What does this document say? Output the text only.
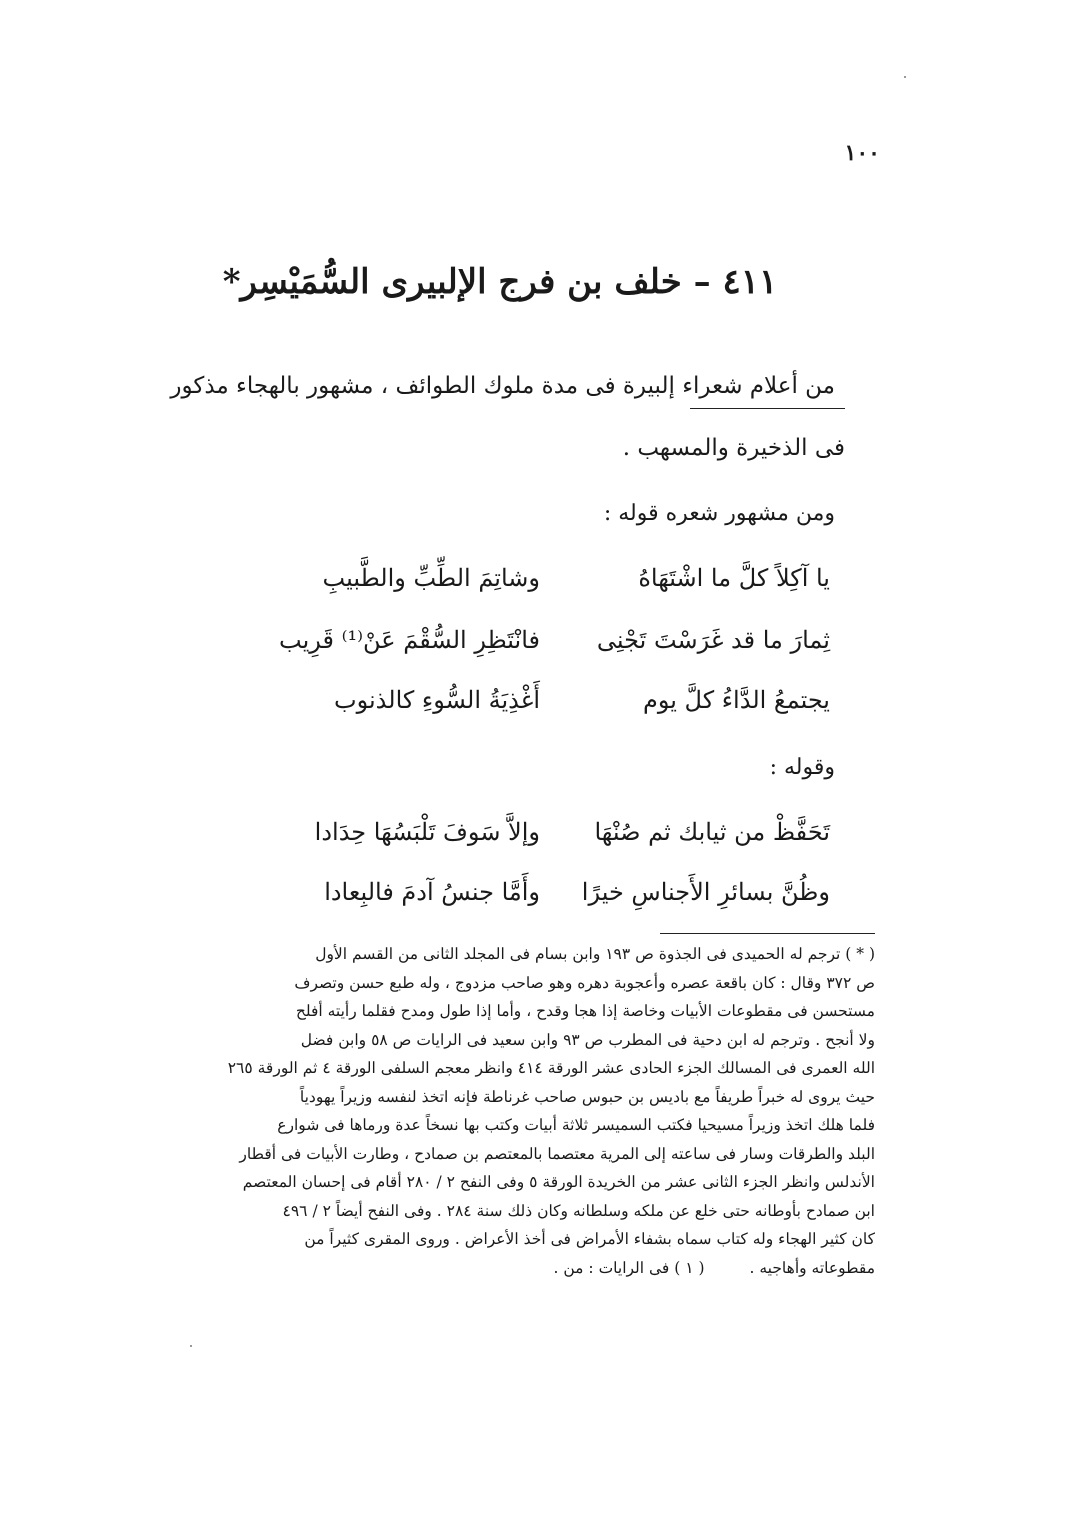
١٠٠
٤١١ – خلف بن فرج الإلبيرى السُّمَيْسِر*
من أعلام شعراء إلبيرة فى مدة ملوك الطوائف ، مشهور بالهجاء مذكور
فى الذخيرة والمسهب .
ومن مشهور شعره قوله :
يا آكِلاً كلَّ ما اشْتَهَاهُ
وشاتِمَ الطِّبِّ والطَّبيبِ
ثِمارَ ما قد غَرَسْتَ تَجْنِى
فانْتَظِرِ السُّقْمَ عَنْ⁽¹⁾ قَرِيب
يجتمعُ الدَّاءُ كلَّ يوم
أَغْذِيَةُ السُّوءِ كالذنوب
وقوله :
تَحَفَّظْ من ثيابك ثم صُنْهَا
وإلاَّ سَوفَ تَلْبَسُهَا حِدَادا
وظُنَّ بسائرِ الأَجناسِ خيرًا
وأَمَّا جنسُ آدمَ فالبِعادا
( * ) ترجم له الحميدى فى الجذوة ص ١٩٣ وابن بسام فى المجلد الثانى من القسم الأول
ص ٣٧٢ وقال : كان باقعة عصره وأعجوبة دهره وهو صاحب مزدوج ، وله طبع حسن وتصرف
مستحسن فى مقطوعات الأبيات وخاصة إذا هجا وقدح ، وأما إذا طول ومدح فقلما رأيته أفلح
ولا أنجح . وترجم له ابن دحية فى المطرب ص ٩٣ وابن سعيد فى الرايات ص ٥٨ وابن فضل
الله العمرى فى المسالك الجزء الحادى عشر الورقة ٤١٤ وانظر معجم السلفى الورقة ٤ ثم الورقة ٢٦٥
حيث يروى له خبراً طريفاً مع باديس بن حبوس صاحب غرناطة فإنه اتخذ لنفسه وزيراً يهودياً
فلما هلك اتخذ وزيراً مسيحيا فكتب السميسر ثلاثة أبيات وكتب بها نسخاً عدة ورماها فى شوارع
البلد والطرقات وسار فى ساعته إلى المرية معتصما بالمعتصم بن صمادح ، وطارت الأبيات فى أقطار
الأندلس وانظر الجزء الثانى عشر من الخريدة الورقة ٥ وفى النفح ٢ / ٢٨٠ أقام فى إحسان المعتصم
ابن صمادح بأوطانه حتى خلع عن ملكه وسلطانه وكان ذلك سنة ٢٨٤ . وفى النفح أيضاً ٢ / ٤٩٦
كان كثير الهجاء وله كتاب سماه بشفاء الأمراض فى أخذ الأعراض . وروى المقرى كثيراً من
مقطوعاته وأهاجيه . ( ١ ) فى الرايات : من .
